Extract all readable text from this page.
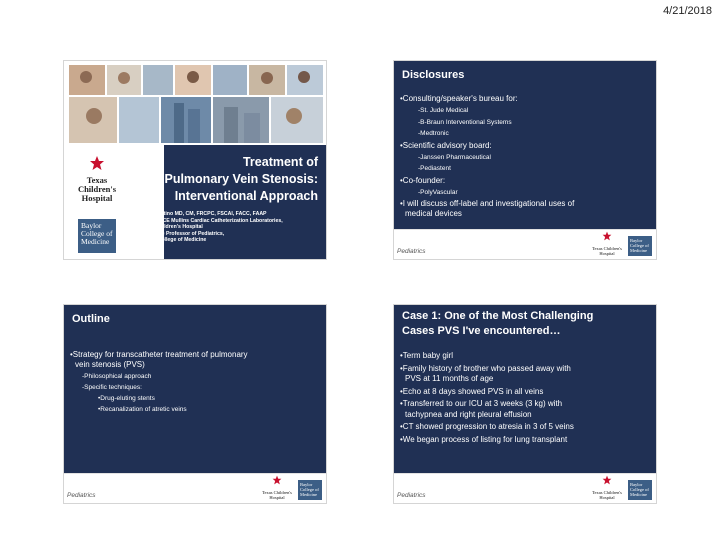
4/21/2018
Texas Children's
Hospital
Baylor
College of
Medicine
Treatment of
Pulmonary Vein Stenosis:
Interventional Approach
Henri Justino MD, CM, FRCPC, FSCAI, FACC, FAAP
Director, CE Mullins Cardiac Catheterization Laboratories,
Texas Children's Hospital
Associate Professor of Pediatrics,
Baylor College of Medicine
Disclosures
•Consulting/speaker's bureau for:
-St. Jude Medical
-B-Braun Interventional Systems
-Medtronic
•Scientific advisory board:
-Janssen Pharmaceutical
-Pediastent
•Co-founder:
-PolyVascular
•I will discuss off-label and investigational uses of
medical devices
Pediatrics	Texas Children's Hospital
Baylor College of Medicine
Outline
•Strategy for transcatheter treatment of pulmonary
vein stenosis (PVS)
-Philosophical approach
-Specific techniques:
•Drug-eluting stents
•Recanalization of atretic veins
Pediatrics	Texas Children's Hospital
Baylor College of Medicine
Case 1: One of the Most Challenging
Cases PVS I've encountered…
•Term baby girl
•Family history of brother who passed away with
PVS at 11 months of age
•Echo at 8 days showed PVS in all veins
•Transferred to our ICU at 3 weeks (3 kg) with
tachypnea and right pleural effusion
•CT showed progression to atresia in 3 of 5 veins
•We began process of listing for lung transplant
Pediatrics	Texas Children's Hospital
Baylor College of Medicine
